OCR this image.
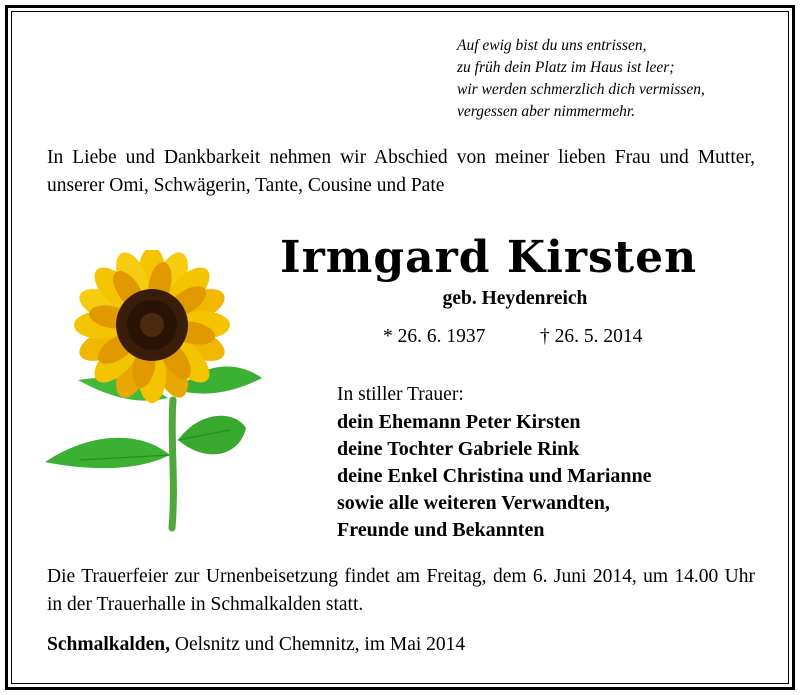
Auf ewig bist du uns entrissen,
zu früh dein Platz im Haus ist leer;
wir werden schmerzlich dich vermissen,
vergessen aber nimmermehr.
In Liebe und Dankbarkeit nehmen wir Abschied von meiner lieben Frau und Mutter, unserer Omi, Schwägerin, Tante, Cousine und Pate
Irmgard Kirsten
geb. Heydenreich
* 26. 6. 1937	† 26. 5. 2014
In stiller Trauer:
dein Ehemann Peter Kirsten
deine Tochter Gabriele Rink
deine Enkel Christina und Marianne
sowie alle weiteren Verwandten,
Freunde und Bekannten
Die Trauerfeier zur Urnenbeisetzung findet am Freitag, dem 6. Juni 2014, um 14.00 Uhr in der Trauerhalle in Schmalkalden statt.
Schmalkalden, Oelsnitz und Chemnitz, im Mai 2014
